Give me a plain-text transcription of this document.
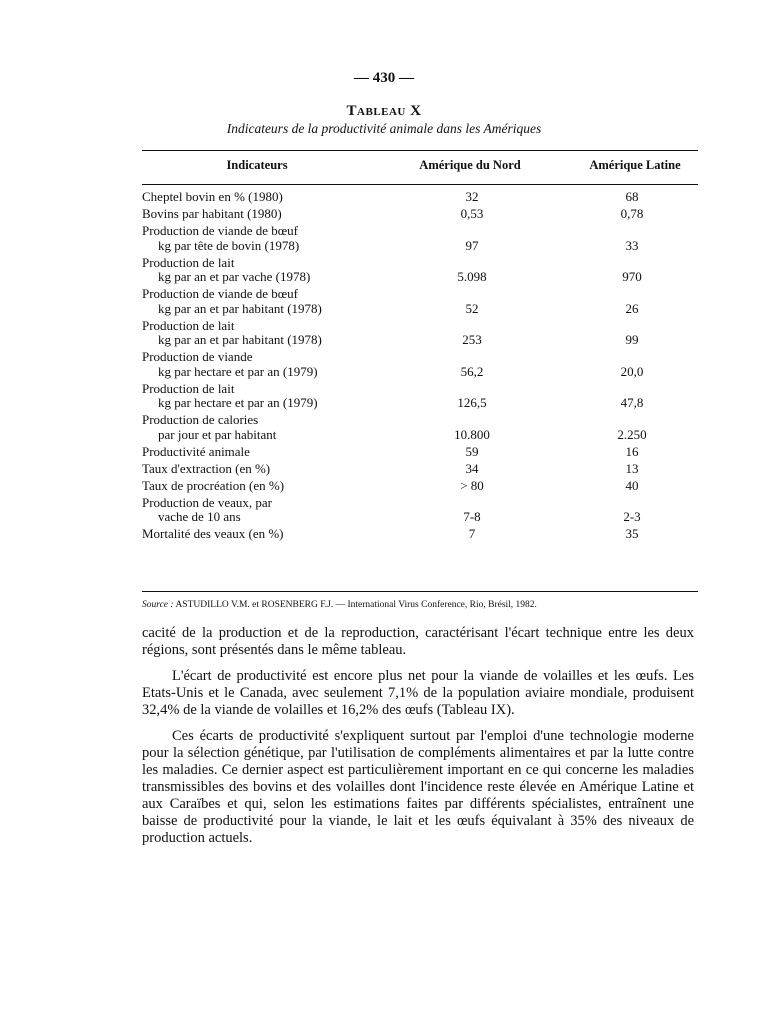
— 430 —
Tableau X
Indicateurs de la productivité animale dans les Amériques
Indicateurs	Amérique du Nord	Amérique Latine
Cheptel bovin en % (1980)	32	68
Bovins par habitant (1980)	0,53	0,78
Production de viande de bœuf
kg par tête de bovin (1978)	97	33
Production de lait
kg par an et par vache (1978)	5.098	970
Production de viande de bœuf
kg par an et par habitant (1978)	52	26
Production de lait
kg par an et par habitant (1978)	253	99
Production de viande
kg par hectare et par an (1979)	56,2	20,0
Production de lait
kg par hectare et par an (1979)	126,5	47,8
Production de calories
par jour et par habitant	10.800	2.250
Productivité animale	59	16
Taux d'extraction (en %)	34	13
Taux de procréation (en %)	> 80	40
Production de veaux, par
vache de 10 ans	7-8	2-3
Mortalité des veaux (en %)	7	35
Source : ASTUDILLO V.M. et ROSENBERG F.J. — International Virus Conference, Rio, Brésil, 1982.

cacité de la production et de la reproduction, caractérisant l'écart technique entre les deux régions, sont présentés dans le même tableau.

L'écart de productivité est encore plus net pour la viande de volailles et les œufs. Les Etats-Unis et le Canada, avec seulement 7,1% de la population aviaire mondiale, produisent 32,4% de la viande de volailles et 16,2% des œufs (Tableau IX).

Ces écarts de productivité s'expliquent surtout par l'emploi d'une technologie moderne pour la sélection génétique, par l'utilisation de compléments alimentaires et par la lutte contre les maladies. Ce dernier aspect est particulièrement important en ce qui concerne les maladies transmissibles des bovins et des volailles dont l'incidence reste élevée en Amérique Latine et aux Caraïbes et qui, selon les estimations faites par différents spécialistes, entraînent une baisse de productivité pour la viande, le lait et les œufs équivalant à 35% des niveaux de production actuels.
